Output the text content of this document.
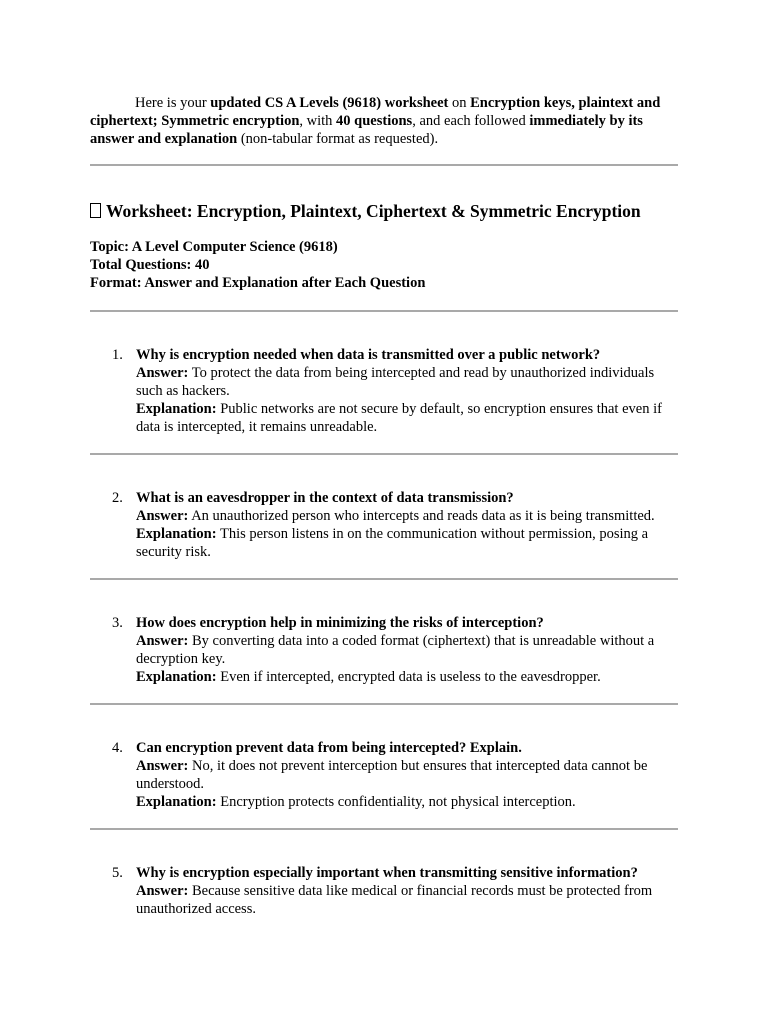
Here is your updated CS A Levels (9618) worksheet on Encryption keys, plaintext and ciphertext; Symmetric encryption, with 40 questions, and each followed immediately by its answer and explanation (non-tabular format as requested).
Worksheet: Encryption, Plaintext, Ciphertext & Symmetric Encryption
Topic: A Level Computer Science (9618)
Total Questions: 40
Format: Answer and Explanation after Each Question
1. Why is encryption needed when data is transmitted over a public network?
Answer: To protect the data from being intercepted and read by unauthorized individuals such as hackers.
Explanation: Public networks are not secure by default, so encryption ensures that even if data is intercepted, it remains unreadable.
2. What is an eavesdropper in the context of data transmission?
Answer: An unauthorized person who intercepts and reads data as it is being transmitted.
Explanation: This person listens in on the communication without permission, posing a security risk.
3. How does encryption help in minimizing the risks of interception?
Answer: By converting data into a coded format (ciphertext) that is unreadable without a decryption key.
Explanation: Even if intercepted, encrypted data is useless to the eavesdropper.
4. Can encryption prevent data from being intercepted? Explain.
Answer: No, it does not prevent interception but ensures that intercepted data cannot be understood.
Explanation: Encryption protects confidentiality, not physical interception.
5. Why is encryption especially important when transmitting sensitive information?
Answer: Because sensitive data like medical or financial records must be protected from unauthorized access.
